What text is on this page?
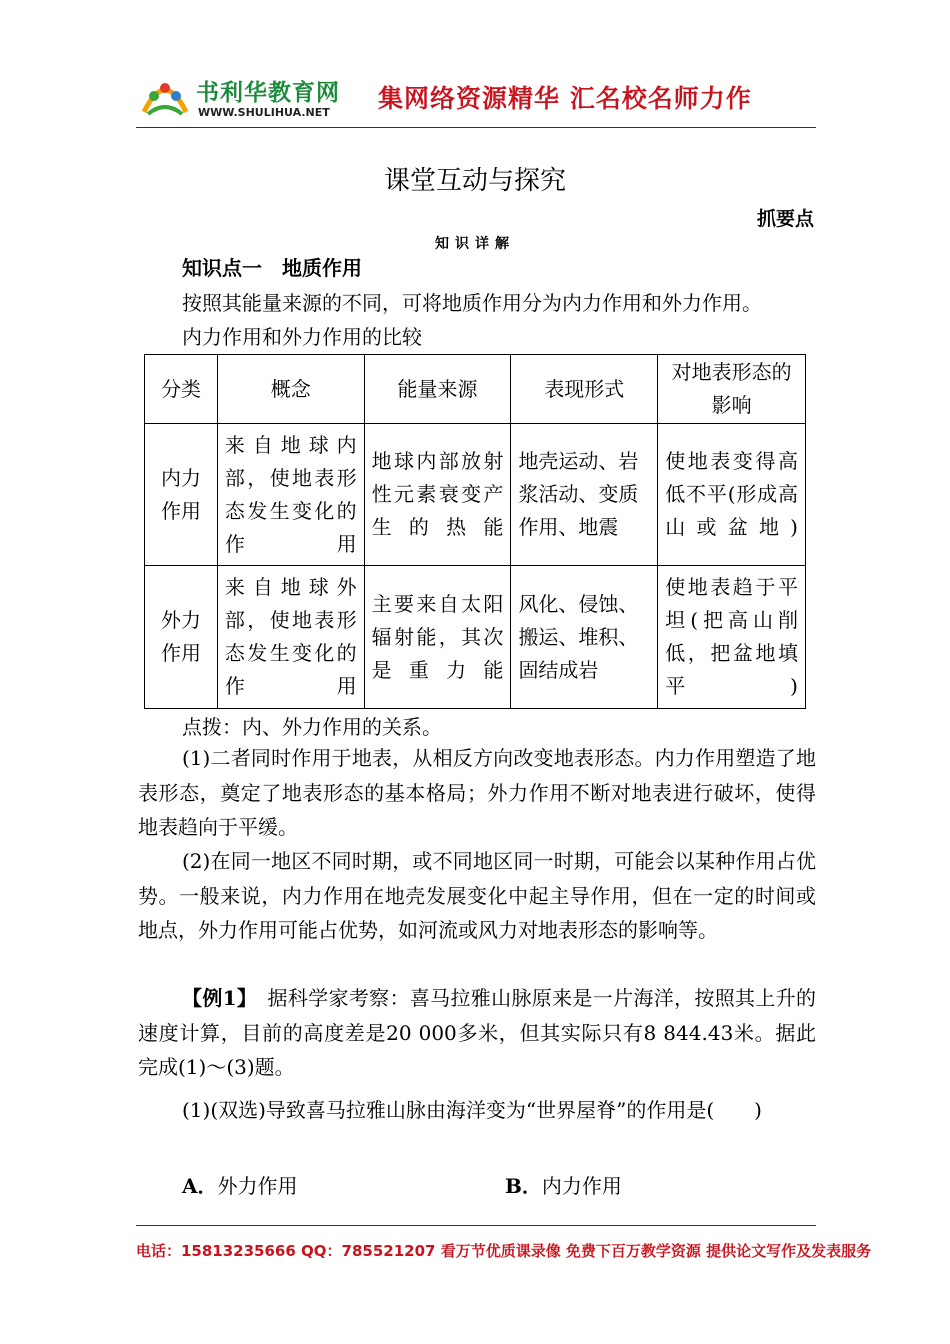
书利华教育网
WWW.SHULIHUA.NET 集网络资源精华 汇名校名师力作
课堂互动与探究
抓要点
知识详解
知识点一　地质作用
按照其能量来源的不同，可将地质作用分为内力作用和外力作用。
内力作用和外力作用的比较
分类	概念	能量来源	表现形式	对地表形态的影响
内力作用	来自地球内部，使地表形态发生变化的作用	地球内部放射性元素衰变产生的热能	地壳运动、岩浆活动、变质作用、地震	使地表变得高低不平(形成高山或盆地)
外力作用	来自地球外部，使地表形态发生变化的作用	主要来自太阳辐射能，其次是重力能	风化、侵蚀、搬运、堆积、固结成岩	使地表趋于平坦(把高山削低，把盆地填平)
点拨：内、外力作用的关系。

(1)二者同时作用于地表，从相反方向改变地表形态。内力作用塑造了地表形态，奠定了地表形态的基本格局；外力作用不断对地表进行破坏，使得地表趋向于平缓。

(2)在同一地区不同时期，或不同地区同一时期，可能会以某种作用占优势。一般来说，内力作用在地壳发展变化中起主导作用，但在一定的时间或地点，外力作用可能占优势，如河流或风力对地表形态的影响等。

【例1】　据科学家考察：喜马拉雅山脉原来是一片海洋，按照其上升的速度计算，目前的高度差是20 000多米，但其实际只有8 844.43米。据此完成(1)～(3)题。

(1)(双选)导致喜马拉雅山脉由海洋变为“世界屋脊”的作用是(　　)

A．外力作用	B．内力作用
电话：15813235666 QQ：785521207 看万节优质课录像 免费下百万教学资源 提供论文写作及发表服务
